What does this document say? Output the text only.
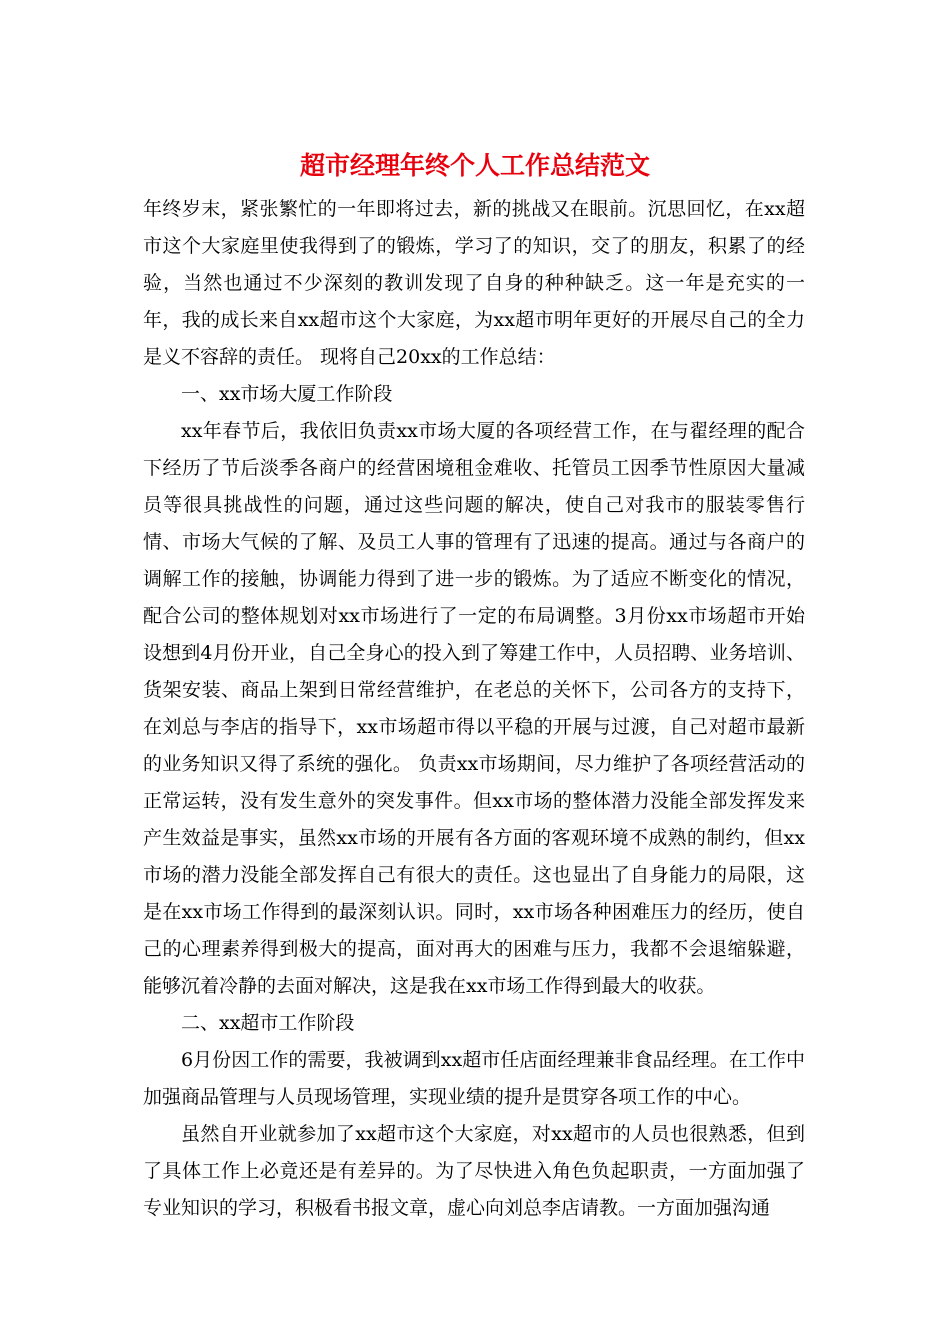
超市经理年终个人工作总结范文

年终岁末，紧张繁忙的一年即将过去，新的挑战又在眼前。沉思回忆，在xx超市这个大家庭里使我得到了的锻炼，学习了的知识，交了的朋友，积累了的经验，当然也通过不少深刻的教训发现了自身的种种缺乏。这一年是充实的一年，我的成长来自xx超市这个大家庭，为xx超市明年更好的开展尽自己的全力是义不容辞的责任。 现将自己20xx的工作总结：

一、xx市场大厦工作阶段

xx年春节后，我依旧负责xx市场大厦的各项经营工作，在与翟经理的配合下经历了节后淡季各商户的经营困境租金难收、托管员工因季节性原因大量减员等很具挑战性的问题，通过这些问题的解决，使自己对我市的服装零售行情、市场大气候的了解、及员工人事的管理有了迅速的提高。通过与各商户的调解工作的接触，协调能力得到了进一步的锻炼。为了适应不断变化的情况，配合公司的整体规划对xx市场进行了一定的布局调整。3月份xx市场超市开始设想到4月份开业，自己全身心的投入到了筹建工作中，人员招聘、业务培训、货架安装、商品上架到日常经营维护，在老总的关怀下，公司各方的支持下，在刘总与李店的指导下，xx市场超市得以平稳的开展与过渡，自己对超市最新的业务知识又得了系统的强化。 负责xx市场期间，尽力维护了各项经营活动的正常运转，没有发生意外的突发事件。但xx市场的整体潜力没能全部发挥发来产生效益是事实，虽然xx市场的开展有各方面的客观环境不成熟的制约，但xx市场的潜力没能全部发挥自己有很大的责任。这也显出了自身能力的局限，这是在xx市场工作得到的最深刻认识。同时，xx市场各种困难压力的经历，使自己的心理素养得到极大的提高，面对再大的困难与压力，我都不会退缩躲避，能够沉着冷静的去面对解决，这是我在xx市场工作得到最大的收获。

二、xx超市工作阶段

6月份因工作的需要，我被调到xx超市任店面经理兼非食品经理。在工作中加强商品管理与人员现场管理，实现业绩的提升是贯穿各项工作的中心。

虽然自开业就参加了xx超市这个大家庭，对xx超市的人员也很熟悉，但到了具体工作上必竟还是有差异的。为了尽快进入角色负起职责，一方面加强了专业知识的学习，积极看书报文章，虚心向刘总李店请教。一方面加强沟通
